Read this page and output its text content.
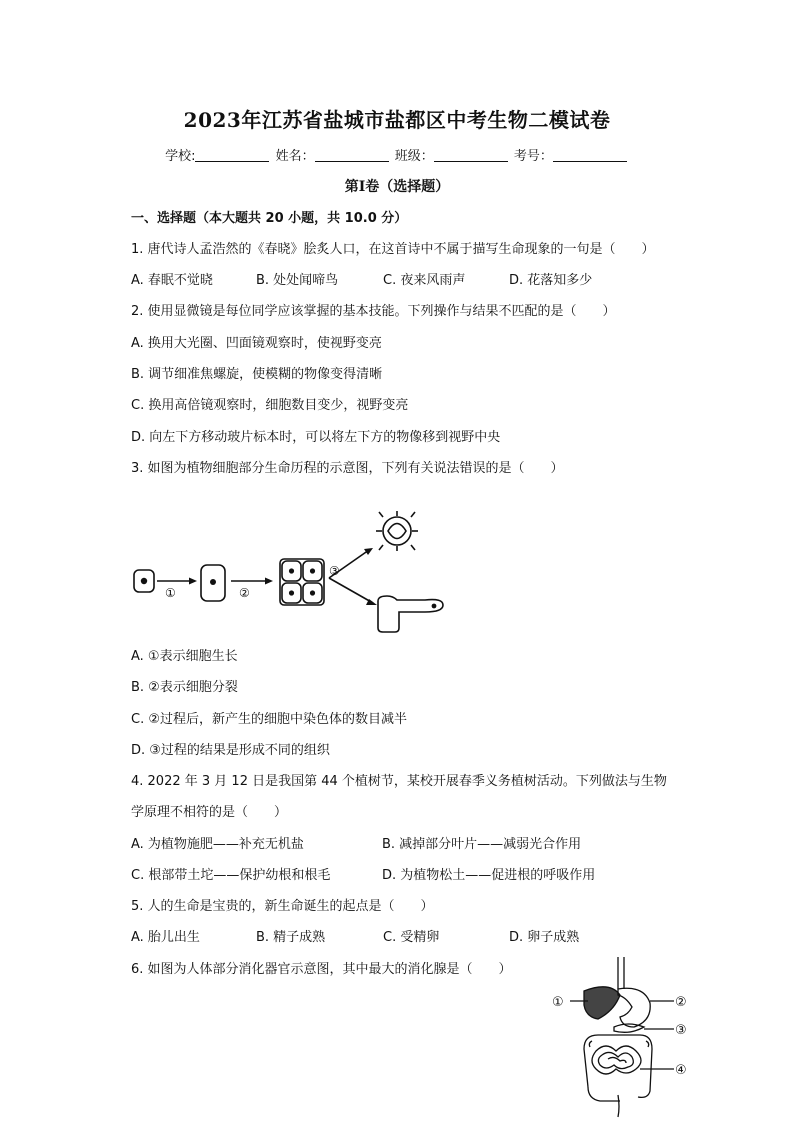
2023年江苏省盐城市盐都区中考生物二模试卷
学校:	姓名：	班级：	考号：
第I卷（选择题）
一、选择题（本大题共 20 小题，共 10.0 分）
1. 唐代诗人孟浩然的《春晓》脍炙人口，在这首诗中不属于描写生命现象的一句是（　　）
A. 春眠不觉晓	B. 处处闻啼鸟	C. 夜来风雨声	D. 花落知多少
2. 使用显微镜是每位同学应该掌握的基本技能。下列操作与结果不匹配的是（　　）
A. 换用大光圈、凹面镜观察时，使视野变亮
B. 调节细准焦螺旋，使模糊的物像变得清晰
C. 换用高倍镜观察时，细胞数目变少，视野变亮
D. 向左下方移动玻片标本时，可以将左下方的物像移到视野中央
3. 如图为植物细胞部分生命历程的示意图，下列有关说法错误的是（　　）
①	②
③
A. ①表示细胞生长
B. ②表示细胞分裂
C. ②过程后，新产生的细胞中染色体的数目减半
D. ③过程的结果是形成不同的组织
4. 2022 年 3 月 12 日是我国第 44 个植树节，某校开展春季义务植树活动。下列做法与生物
学原理不相符的是（　　）
A. 为植物施肥——补充无机盐	B. 减掉部分叶片——减弱光合作用
C. 根部带土坨——保护幼根和根毛	D. 为植物松土——促进根的呼吸作用
5. 人的生命是宝贵的，新生命诞生的起点是（　　）
A. 胎儿出生	B. 精子成熟	C. 受精卵	D. 卵子成熟
6. 如图为人体部分消化器官示意图，其中最大的消化腺是（　　）
①	②
③
④
